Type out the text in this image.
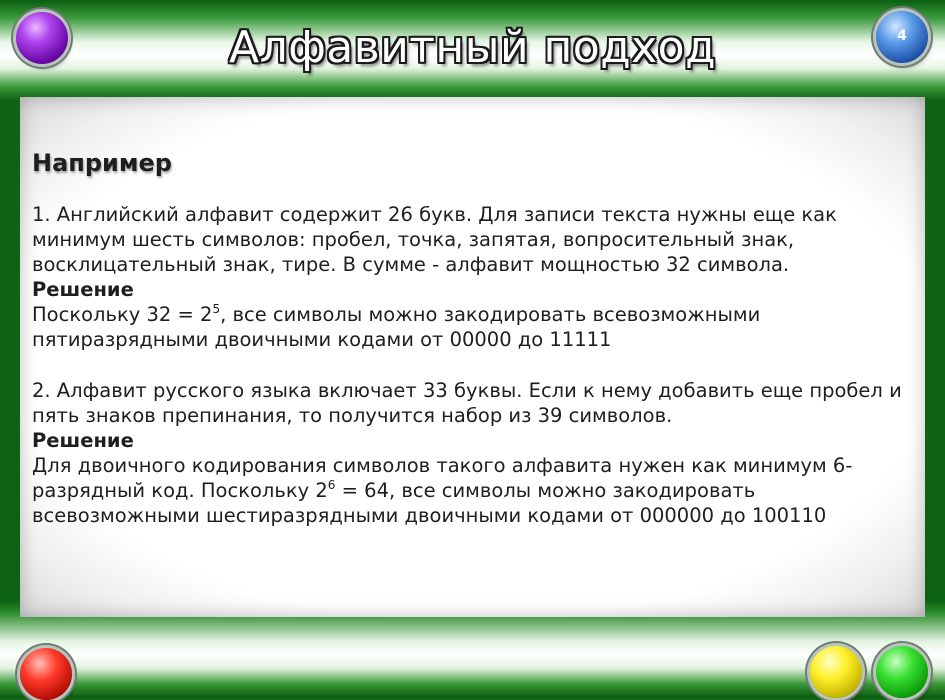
4
Алфавитный подход
Например

1. Английский алфавит содержит 26 букв. Для записи текста нужны еще как минимум шесть символов: пробел, точка, запятая, вопросительный знак, восклицательный знак, тире. В сумме - алфавит мощностью 32 символа.

Решение

Поскольку $32 = 2^5$, все символы можно закодировать всевозможными пятиразрядными двоичными кодами от 00000 до 11111

2. Алфавит русского языка включает 33 буквы. Если к нему добавить еще пробел и пять знаков препинания, то получится набор из 39 символов.

Решение

Для двоичного кодирования символов такого алфавита нужен как минимум 6-разрядный код. Поскольку $2^6 = 64$, все символы можно закодировать всевозможными шестиразрядными двоичными кодами от 000000 до 100110
